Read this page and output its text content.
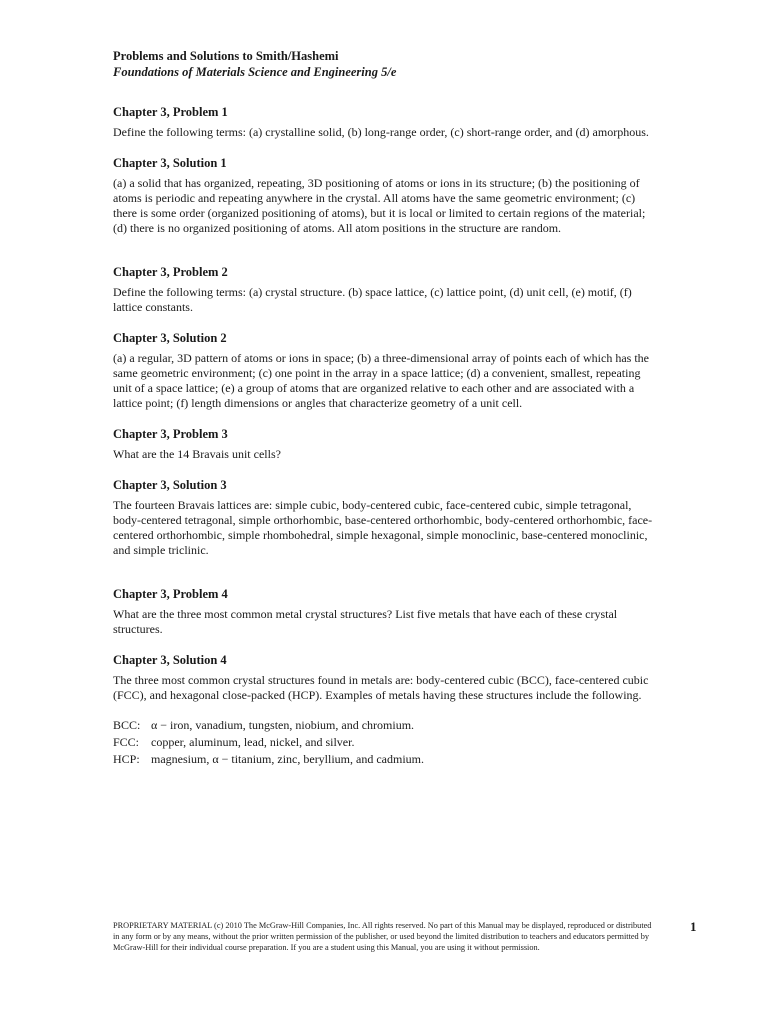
Problems and Solutions to Smith/Hashemi
Foundations of Materials Science and Engineering 5/e
Chapter 3, Problem 1

Define the following terms: (a) crystalline solid, (b) long-range order, (c) short-range order, and (d) amorphous.

Chapter 3, Solution 1

(a) a solid that has organized, repeating, 3D positioning of atoms or ions in its structure; (b) the positioning of atoms is periodic and repeating anywhere in the crystal. All atoms have the same geometric environment; (c) there is some order (organized positioning of atoms), but it is local or limited to certain regions of the material; (d) there is no organized positioning of atoms. All atom positions in the structure are random.

Chapter 3, Problem 2

Define the following terms: (a) crystal structure. (b) space lattice, (c) lattice point, (d) unit cell, (e) motif, (f) lattice constants.

Chapter 3, Solution 2

(a) a regular, 3D pattern of atoms or ions in space; (b) a three-dimensional array of points each of which has the same geometric environment; (c) one point in the array in a space lattice; (d) a convenient, smallest, repeating unit of a space lattice; (e) a group of atoms that are organized relative to each other and are associated with a lattice point; (f) length dimensions or angles that characterize geometry of a unit cell.

Chapter 3, Problem 3

What are the 14 Bravais unit cells?

Chapter 3, Solution 3

The fourteen Bravais lattices are: simple cubic, body-centered cubic, face-centered cubic, simple tetragonal, body-centered tetragonal, simple orthorhombic, base-centered orthorhombic, body-centered orthorhombic, face-centered orthorhombic, simple rhombohedral, simple hexagonal, simple monoclinic, base-centered monoclinic, and simple triclinic.

Chapter 3, Problem 4

What are the three most common metal crystal structures? List five metals that have each of these crystal structures.

Chapter 3, Solution 4

The three most common crystal structures found in metals are: body-centered cubic (BCC), face-centered cubic (FCC), and hexagonal close-packed (HCP). Examples of metals having these structures include the following.

BCC: α − iron, vanadium, tungsten, niobium, and chromium.
FCC: copper, aluminum, lead, nickel, and silver.
HCP: magnesium, α − titanium, zinc, beryllium, and cadmium.
PROPRIETARY MATERIAL (c) 2010 The McGraw-Hill Companies, Inc. All rights reserved. No part of this Manual may be displayed, reproduced or distributed in any form or by any means, without the prior written permission of the publisher, or used beyond the limited distribution to teachers and educators permitted by McGraw-Hill for their individual course preparation. If you are a student using this Manual, you are using it without permission.
1
